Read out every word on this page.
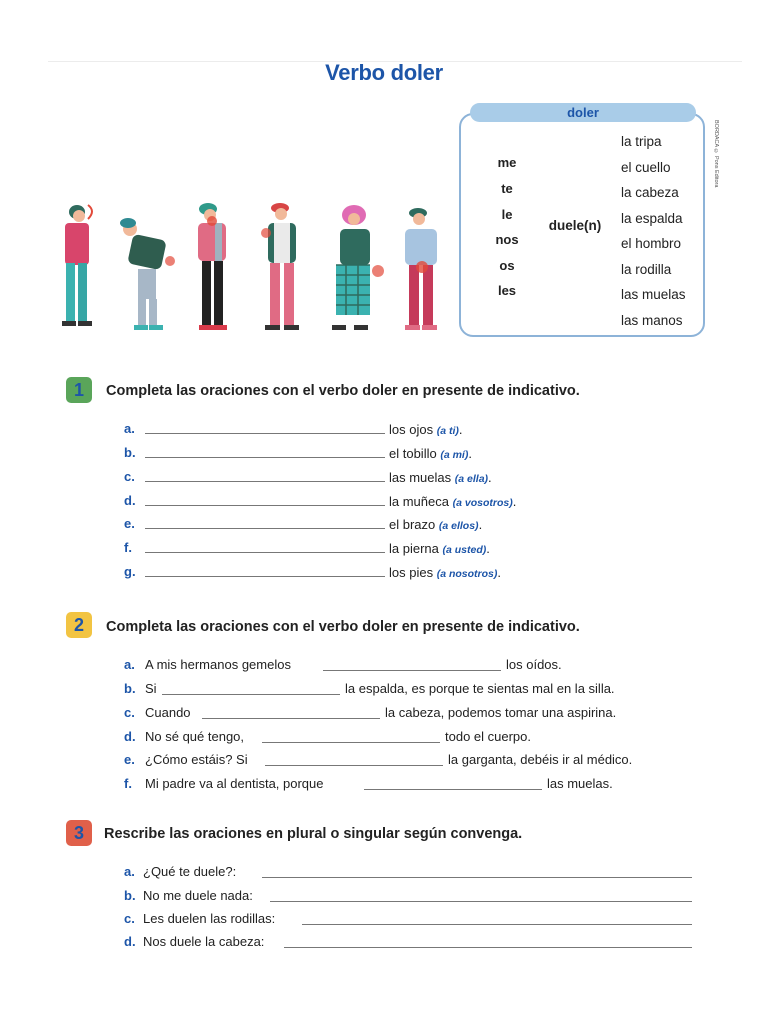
Verbo doler
doler
me
te
le
nos
os
les
duele(n)
la tripa
el cuello
la cabeza
la espalda
el hombro
la rodilla
las muelas
las manos
BORDACA © Pons Editora
1	Completa las oraciones con el verbo doler en presente de indicativo.
a.	los ojos (a ti).
b.	el tobillo (a mí).
c.	las muelas (a ella).
d.	la muñeca (a vosotros).
e.	el brazo (a ellos).
f.	la pierna (a usted).
g.	los pies (a nosotros).
2	Completa las oraciones con el verbo doler en presente de indicativo.
a. A mis hermanos gemelos	los oídos.
b. Si	la espalda, es porque te sientas mal en la silla.
c. Cuando	la cabeza, podemos tomar una aspirina.
d. No sé qué tengo,	todo el cuerpo.
e. ¿Cómo estáis? Si	la garganta, debéis ir al médico.
f. Mi padre va al dentista, porque	las muelas.
3	Rescribe las oraciones en plural o singular según convenga.
a. ¿Qué te duele?:
b. No me duele nada:
c. Les duelen las rodillas:
d. Nos duele la cabeza:
